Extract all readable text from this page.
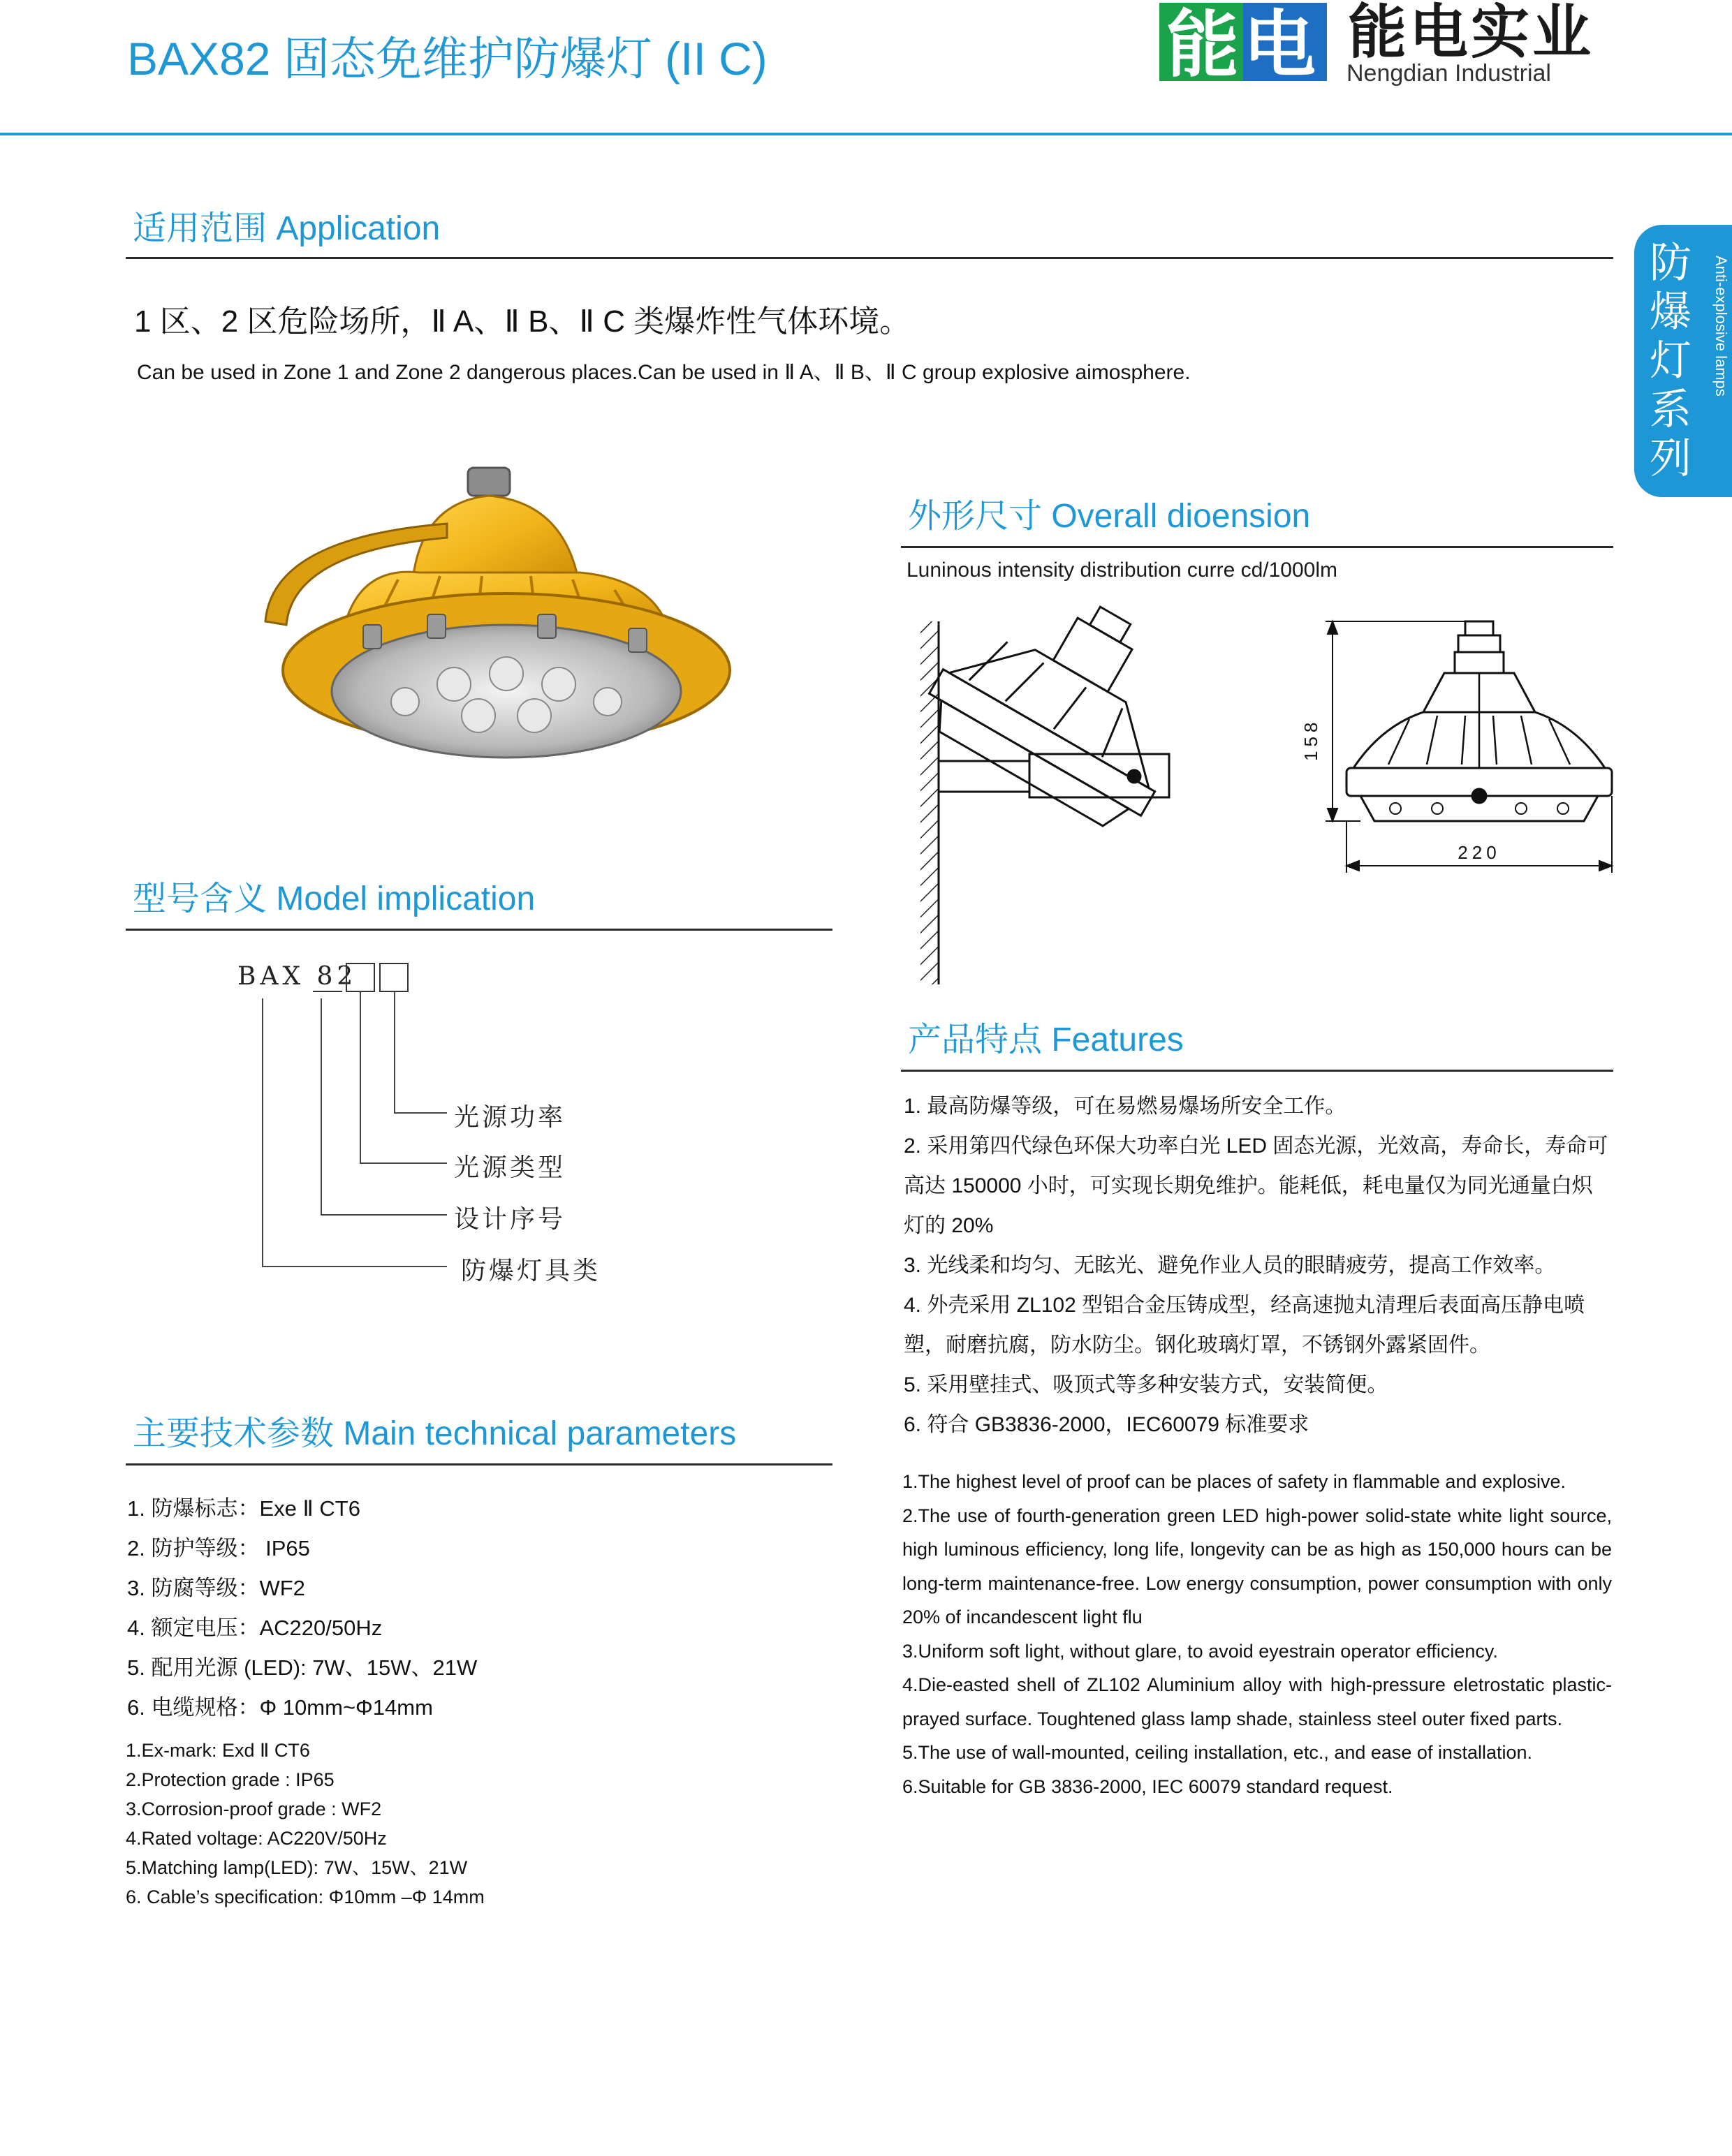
BAX82 固态免维护防爆灯 (II C)	能电 能电实业
Nengdian Industrial
防爆灯系列
Anti-explosive lamps
适用范围 Application
1 区、2 区危险场所，Ⅱ A、Ⅱ B、Ⅱ C 类爆炸性气体环境。
Can be used in Zone 1 and Zone 2 dangerous places.Can be used in Ⅱ A、Ⅱ B、Ⅱ C group explosive aimosphere.
型号含义 Model implication
BAX 82
光源功率
光源类型
设计序号
防爆灯具类
主要技术参数 Main technical parameters
1. 防爆标志：Exe Ⅱ CT6
2. 防护等级： IP65
3. 防腐等级：WF2
4. 额定电压：AC220/50Hz
5. 配用光源 (LED): 7W、15W、21W
6. 电缆规格：Φ 10mm~Φ14mm
1.Ex-mark: Exd Ⅱ CT6
2.Protection grade : IP65
3.Corrosion-proof grade : WF2
4.Rated voltage: AC220V/50Hz
5.Matching lamp(LED): 7W、15W、21W
6. Cable’s specification: Φ10mm –Φ 14mm
外形尺寸 Overall dioension
Luninous intensity distribution curre cd/1000lm
158
220
产品特点 Features
1. 最高防爆等级，可在易燃易爆场所安全工作。
2. 采用第四代绿色环保大功率白光 LED 固态光源，光效高，寿命长，寿命可高达 150000 小时，可实现长期免维护。能耗低，耗电量仅为同光通量白炽灯的 20%
3. 光线柔和均匀、无眩光、避免作业人员的眼睛疲劳，提高工作效率。
4. 外壳采用 ZL102 型铝合金压铸成型，经高速抛丸清理后表面高压静电喷塑，耐磨抗腐，防水防尘。钢化玻璃灯罩，不锈钢外露紧固件。
5. 采用壁挂式、吸顶式等多种安装方式，安装简便。
6. 符合 GB3836-2000，IEC60079 标准要求
1.The highest level of proof can be places of safety in flammable and explosive.
2.The use of fourth-generation green LED high-power solid-state white light source, high luminous efficiency, long life, longevity can be as high as 150,000 hours can be long-term maintenance-free. Low energy consumption, power consumption with only 20% of incandescent light flu
3.Uniform soft light, without glare, to avoid eyestrain operator efficiency.
4.Die-easted shell of ZL102 Aluminium alloy with high-pressure eletrostatic plastic-prayed surface. Toughtened glass lamp shade, stainless steel outer fixed parts.
5.The use of wall-mounted, ceiling installation, etc., and ease of installation.
6.Suitable for GB 3836-2000, IEC 60079 standard request.
